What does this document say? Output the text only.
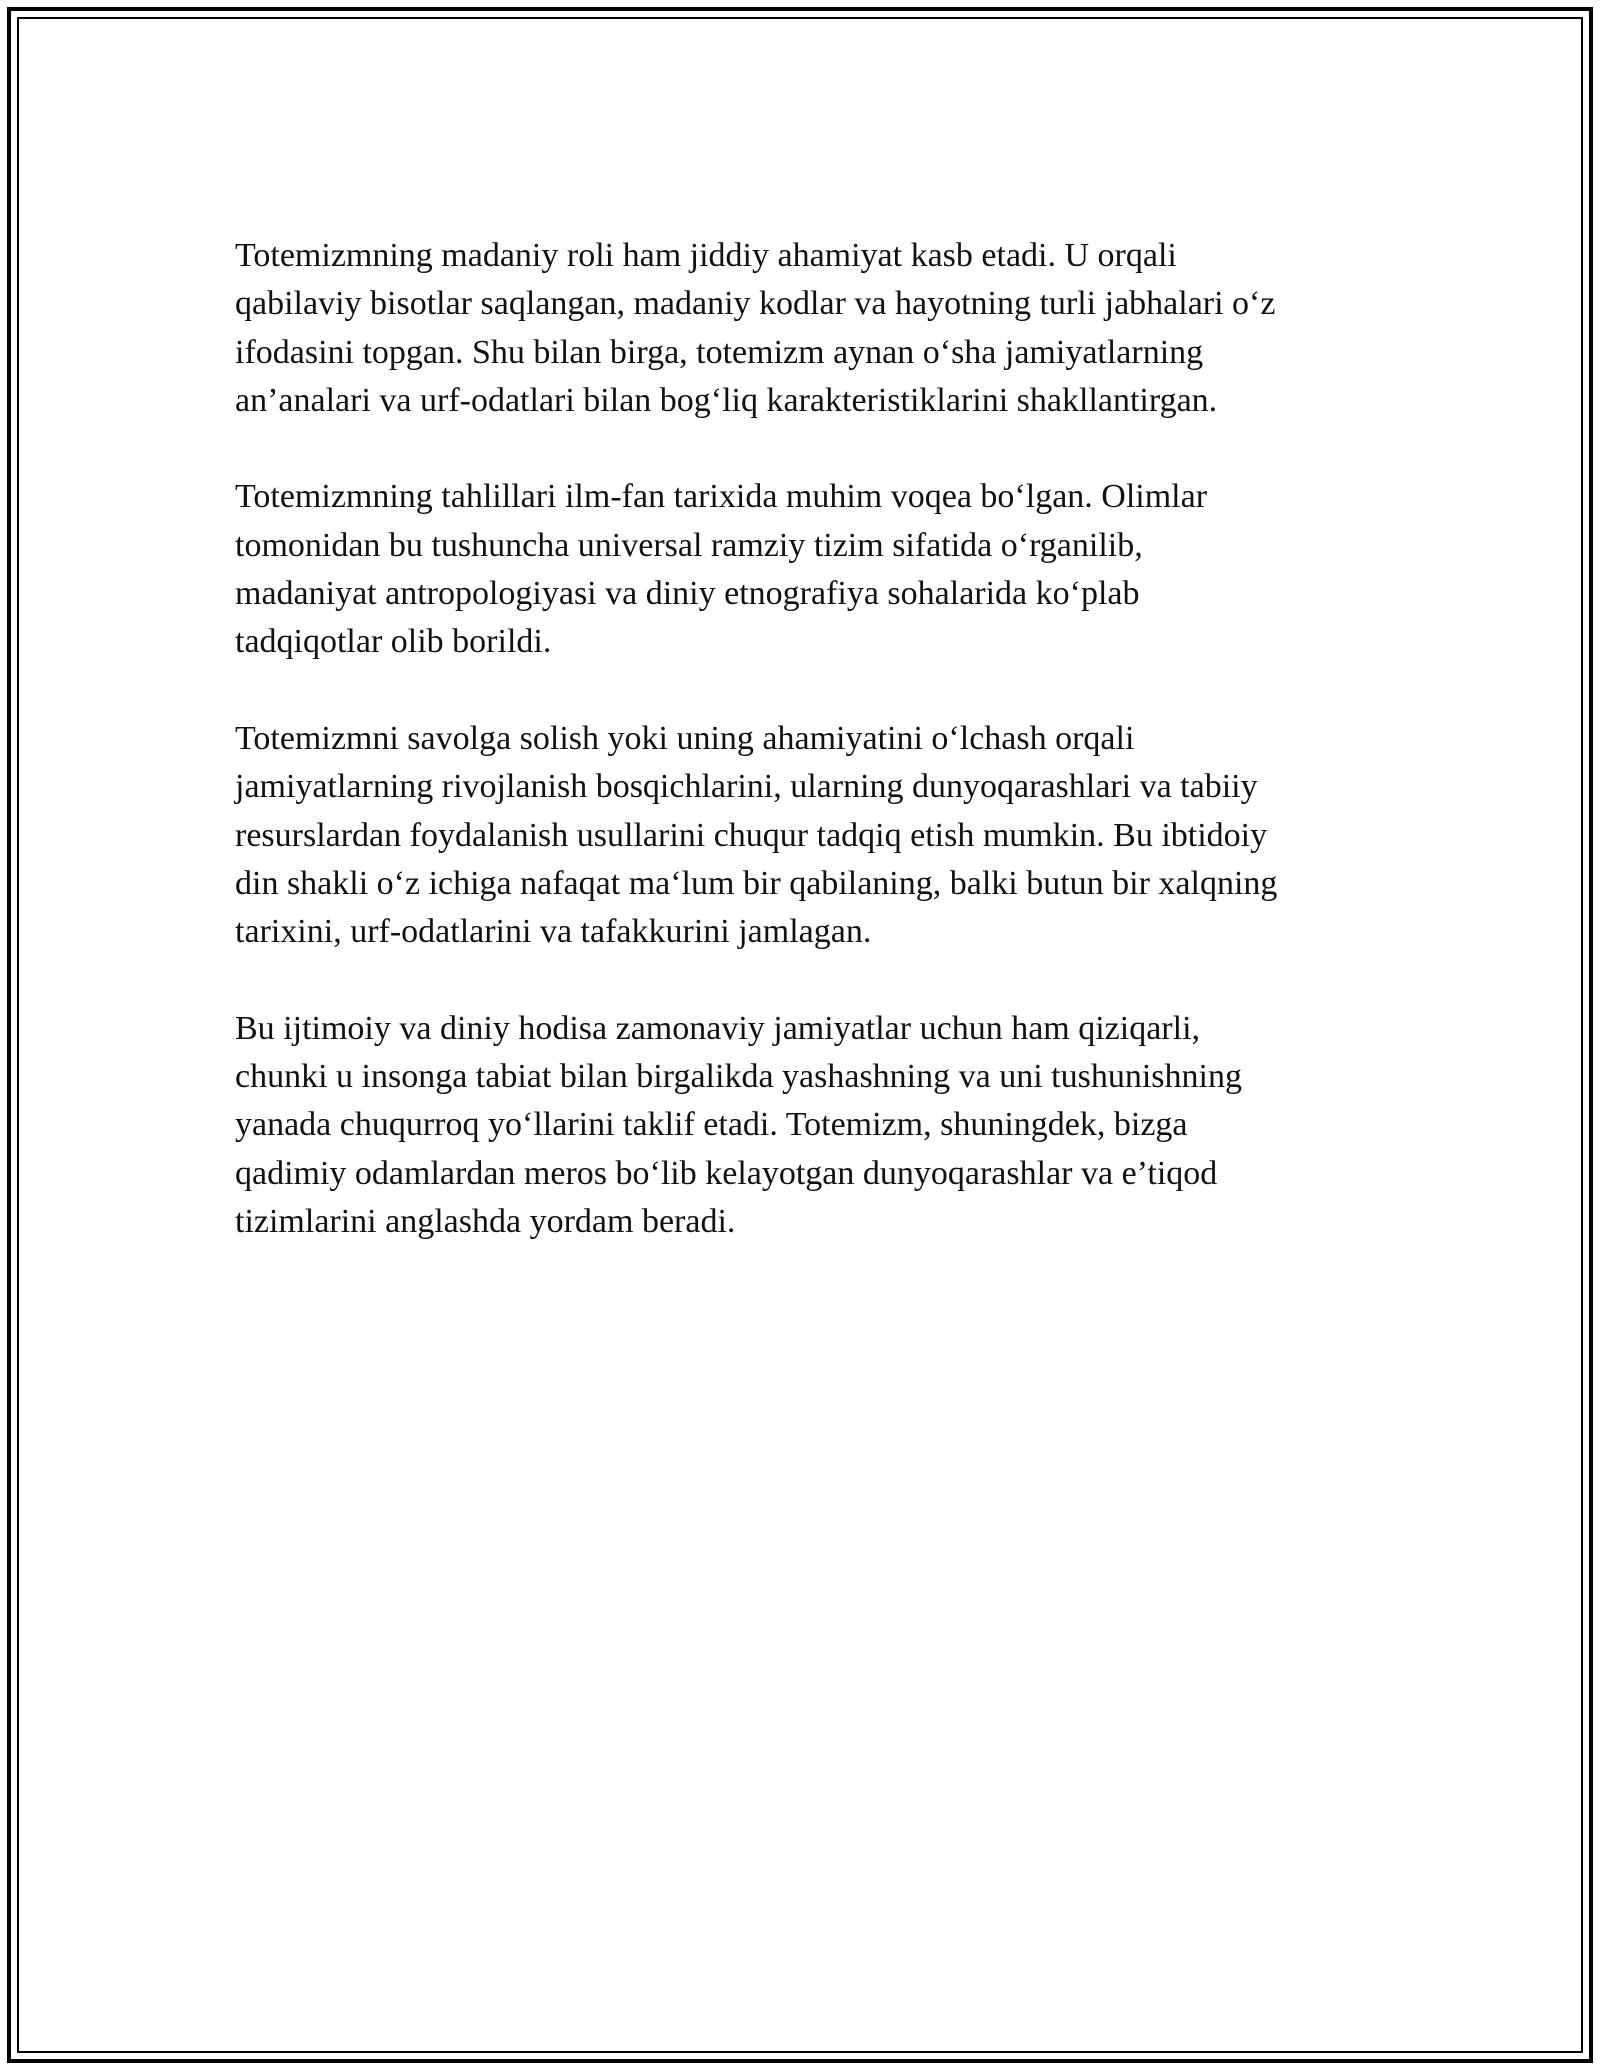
Totemizmning madaniy roli ham jiddiy ahamiyat kasb etadi. U orqali
qabilaviy bisotlar saqlangan, madaniy kodlar va hayotning turli jabhalari o‘z
ifodasini topgan. Shu bilan birga, totemizm aynan o‘sha jamiyatlarning
an’analari va urf-odatlari bilan bog‘liq karakteristiklarini shakllantirgan.

Totemizmning tahlillari ilm-fan tarixida muhim voqea bo‘lgan. Olimlar
tomonidan bu tushuncha universal ramziy tizim sifatida o‘rganilib,
madaniyat antropologiyasi va diniy etnografiya sohalarida ko‘plab
tadqiqotlar olib borildi.

Totemizmni savolga solish yoki uning ahamiyatini o‘lchash orqali
jamiyatlarning rivojlanish bosqichlarini, ularning dunyoqarashlari va tabiiy
resurslardan foydalanish usullarini chuqur tadqiq etish mumkin. Bu ibtidoiy
din shakli o‘z ichiga nafaqat ma‘lum bir qabilaning, balki butun bir xalqning
tarixini, urf-odatlarini va tafakkurini jamlagan.

Bu ijtimoiy va diniy hodisa zamonaviy jamiyatlar uchun ham qiziqarli,
chunki u insonga tabiat bilan birgalikda yashashning va uni tushunishning
yanada chuqurroq yo‘llarini taklif etadi. Totemizm, shuningdek, bizga
qadimiy odamlardan meros bo‘lib kelayotgan dunyoqarashlar va e’tiqod
tizimlarini anglashda yordam beradi.
